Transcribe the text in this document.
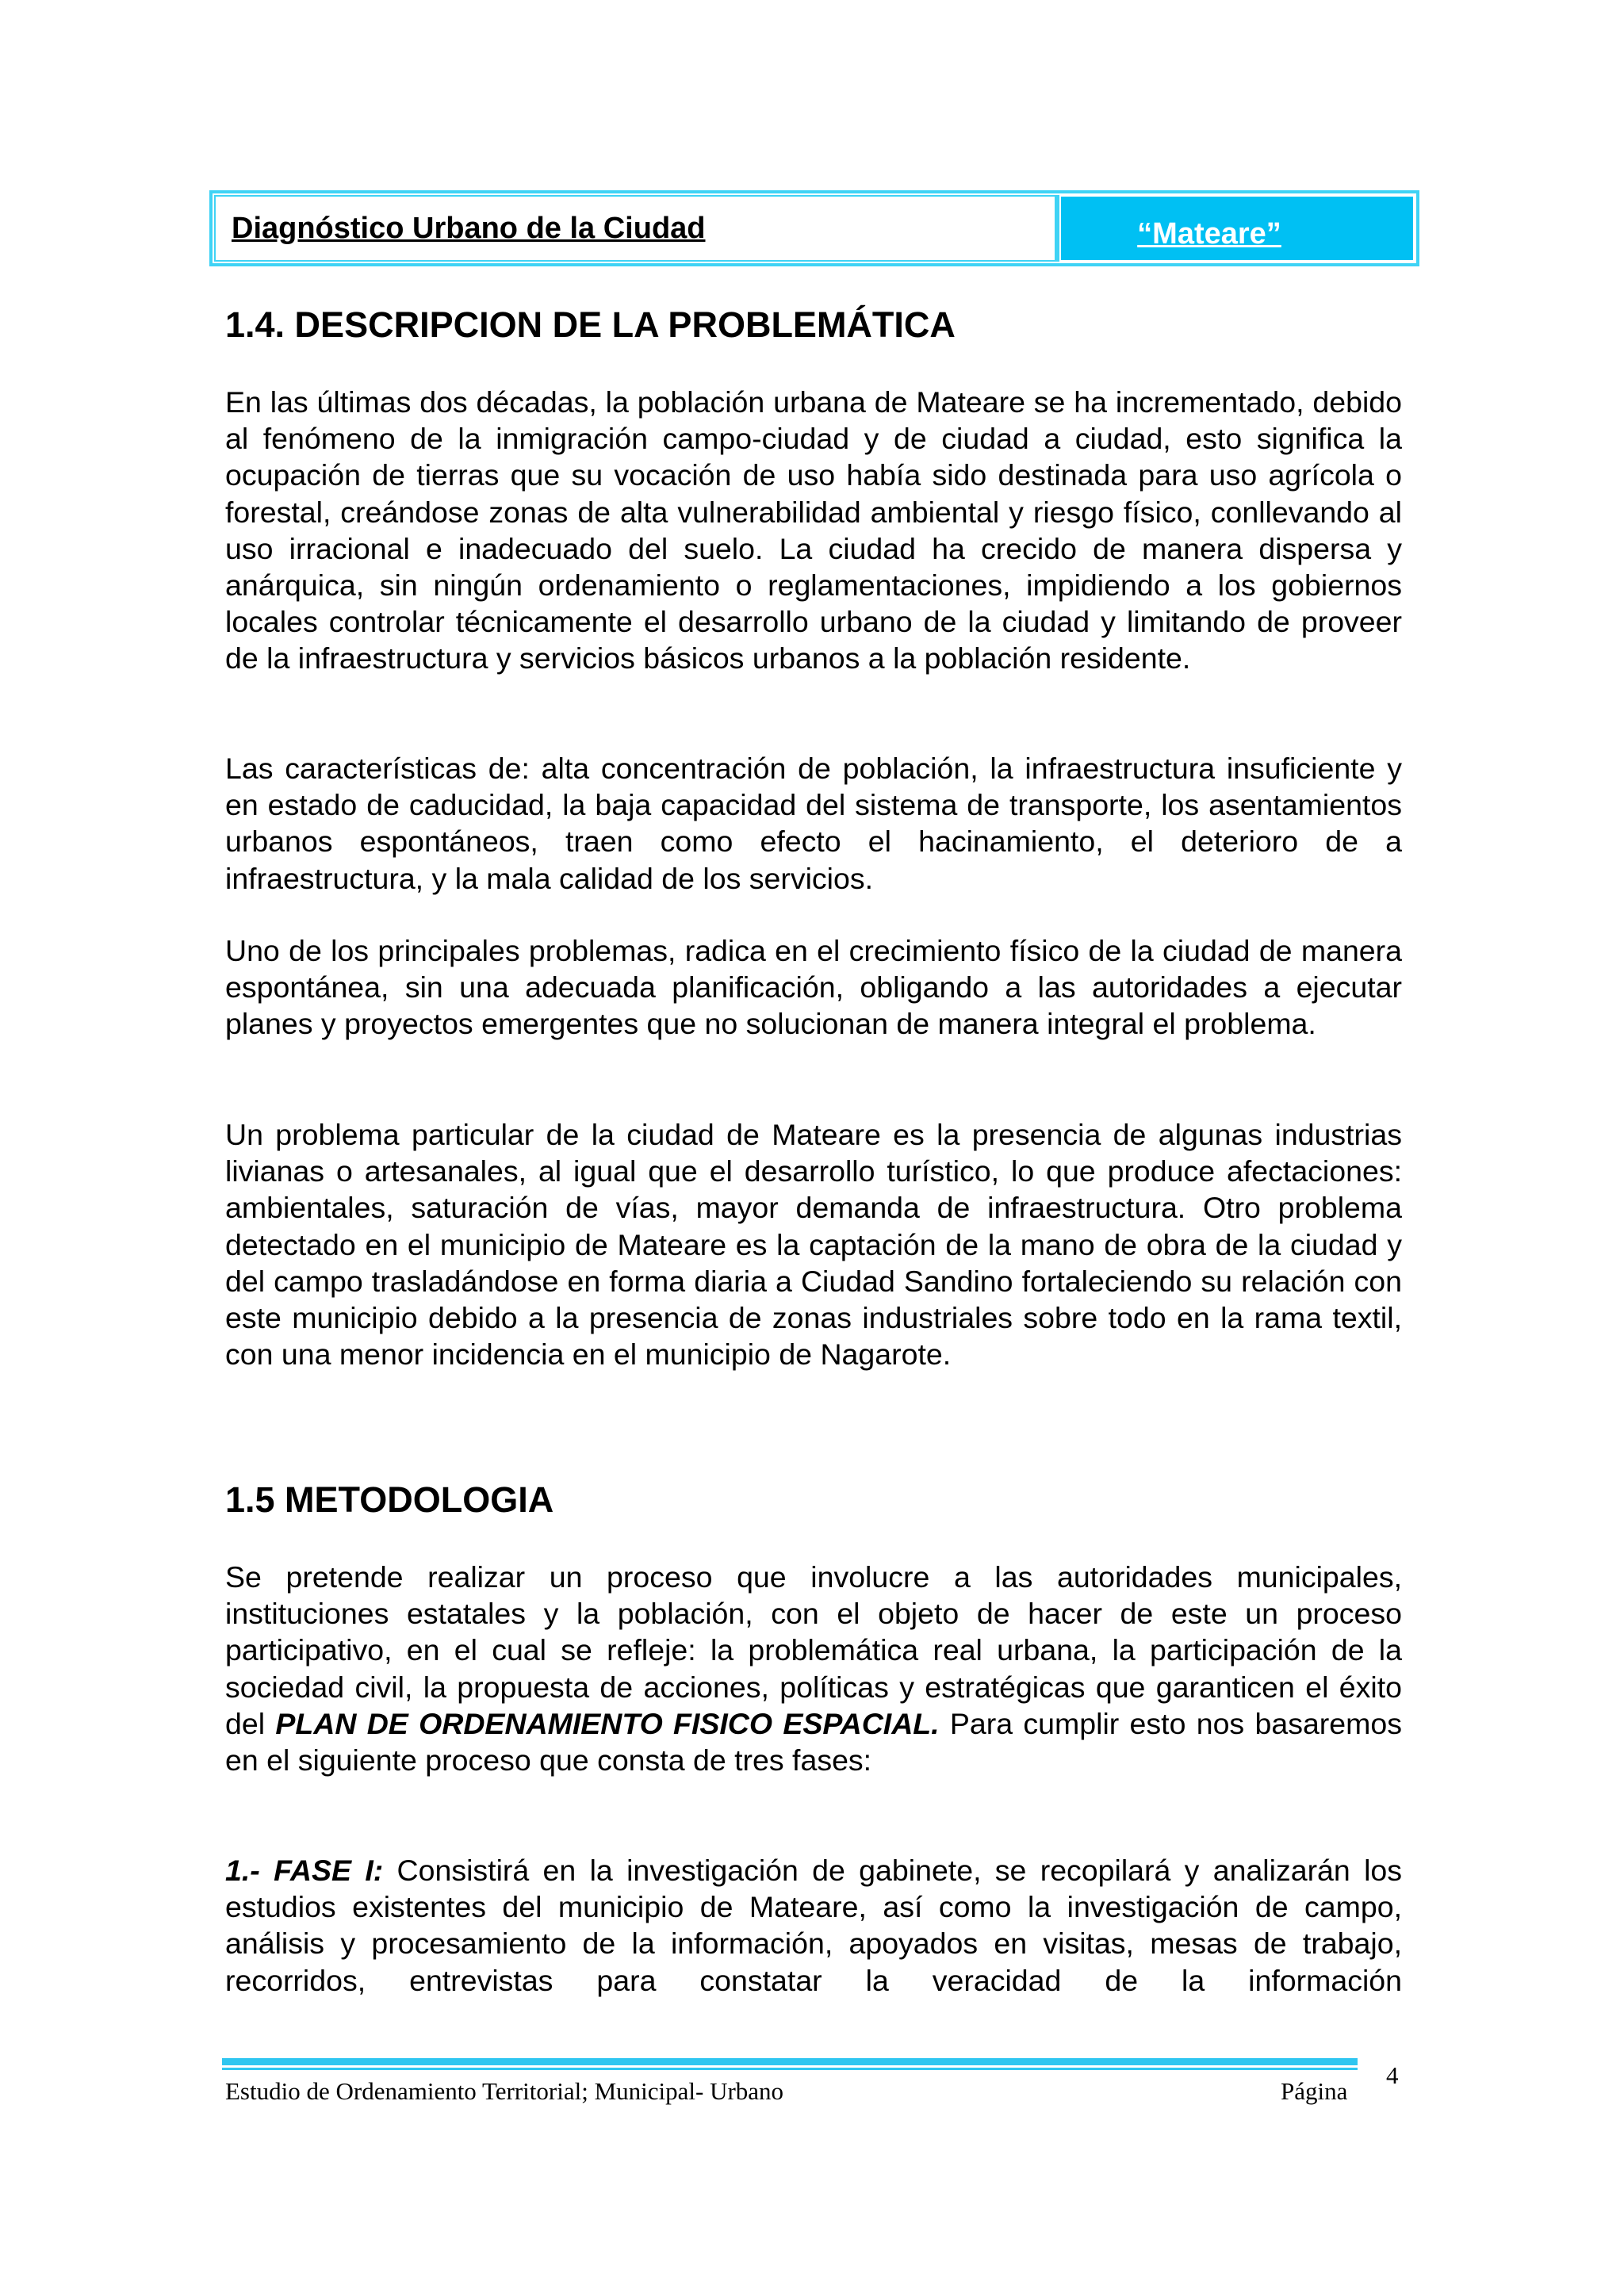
Diagnóstico Urbano de la Ciudad	“Mateare”
1.4. DESCRIPCION DE LA PROBLEMÁTICA

En las últimas dos décadas, la población urbana de Mateare se ha incrementado, debido al fenómeno de la inmigración campo-ciudad y de ciudad a ciudad, esto significa la ocupación de tierras que su vocación de uso había sido destinada para uso agrícola o forestal, creándose zonas de alta vulnerabilidad ambiental y riesgo físico, conllevando al uso irracional e inadecuado del suelo. La ciudad ha crecido de manera dispersa y anárquica, sin ningún ordenamiento o reglamentaciones, impidiendo a los gobiernos locales controlar técnicamente el desarrollo urbano de la ciudad y limitando de proveer de la infraestructura y servicios básicos urbanos a la población residente.

Las características de: alta concentración de población, la infraestructura insuficiente y en estado de caducidad, la baja capacidad del sistema de transporte, los asentamientos urbanos espontáneos, traen como efecto el hacinamiento, el deterioro de a infraestructura, y la mala calidad de los servicios.

Uno de los principales problemas, radica en el crecimiento físico de la ciudad de manera espontánea, sin una adecuada planificación, obligando a las autoridades a ejecutar planes y proyectos emergentes que no solucionan de manera integral el problema.

Un problema particular de la ciudad de Mateare es la presencia de algunas industrias livianas o artesanales, al igual que el desarrollo turístico, lo que produce afectaciones: ambientales, saturación de vías, mayor demanda de infraestructura. Otro problema detectado en el municipio de Mateare es la captación de la mano de obra de la ciudad y del campo trasladándose en forma diaria a Ciudad Sandino fortaleciendo su relación con este municipio debido a la presencia de zonas industriales sobre todo en la rama textil, con una menor incidencia en el municipio de Nagarote.

1.5 METODOLOGIA

Se pretende realizar un proceso que involucre a las autoridades municipales, instituciones estatales y la población, con el objeto de hacer de este un proceso participativo, en el cual se refleje: la problemática real urbana, la participación de la sociedad civil, la propuesta de acciones, políticas y estratégicas que garanticen el éxito del PLAN DE ORDENAMIENTO FISICO ESPACIAL. Para cumplir esto nos basaremos en el siguiente proceso que consta de tres fases:

1.- FASE I: Consistirá en la investigación de gabinete, se recopilará y analizarán los estudios existentes del municipio de Mateare, así como la investigación de campo, análisis y procesamiento de la información, apoyados en visitas, mesas de trabajo, recorridos, entrevistas para constatar la veracidad de la información

Estudio de Ordenamiento Territorial; Municipal- Urbano	Página
4
